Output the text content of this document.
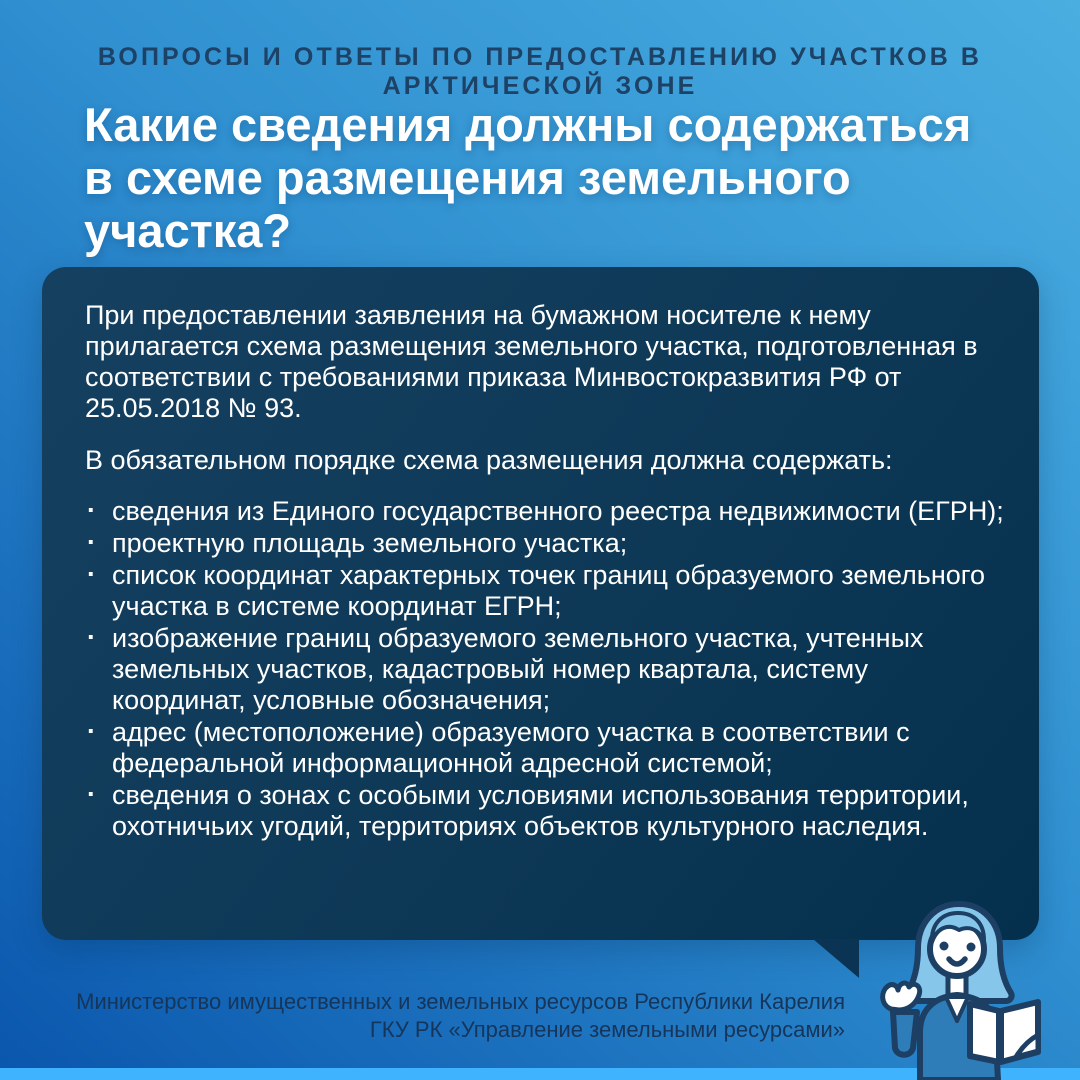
ВОПРОСЫ И ОТВЕТЫ ПО ПРЕДОСТАВЛЕНИЮ УЧАСТКОВ В АРКТИЧЕСКОЙ ЗОНЕ
Какие сведения должны содержаться в схеме размещения земельного участка?

При предоставлении заявления на бумажном носителе к нему прилагается схема размещения земельного участка, подготовленная в соответствии с требованиями приказа Минвостокразвития РФ от 25.05.2018 № 93.

В обязательном порядке схема размещения должна содержать:

· сведения из Единого государственного реестра недвижимости (ЕГРН);
· проектную площадь земельного участка;
· список координат характерных точек границ образуемого земельного участка в системе координат ЕГРН;
· изображение границ образуемого земельного участка, учтенных земельных участков, кадастровый номер квартала, систему координат, условные обозначения;
· адрес (местоположение) образуемого участка в соответствии с федеральной информационной адресной системой;
· сведения о зонах с особыми условиями использования территории, охотничьих угодий, территориях объектов культурного наследия.
Министерство имущественных и земельных ресурсов Республики Карелия
ГКУ РК «Управление земельными ресурсами»
